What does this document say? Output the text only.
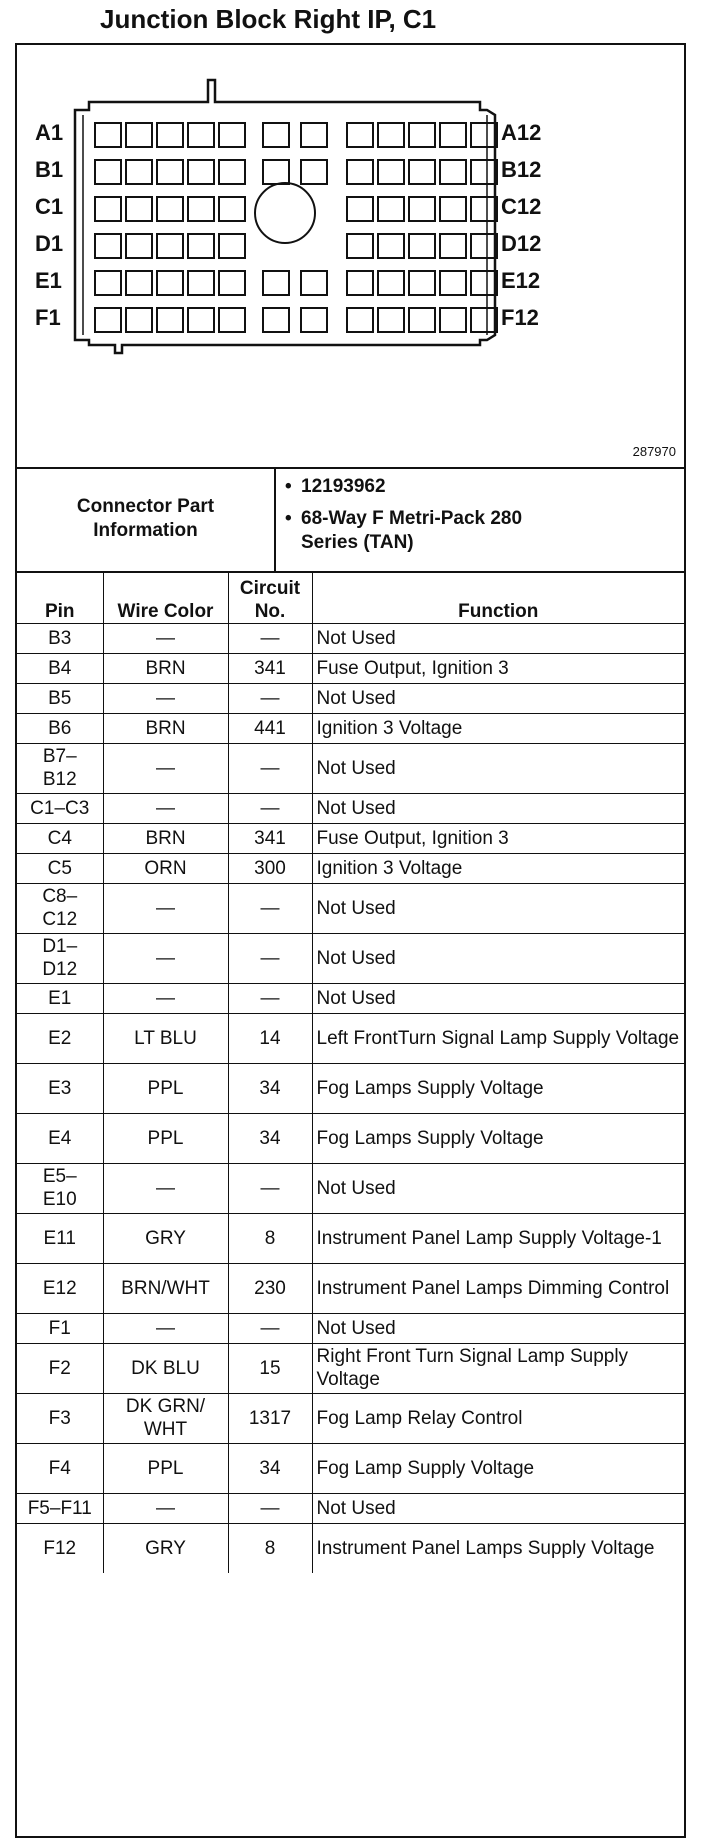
Junction Block Right IP, C1
A1
B1
C1
D1
E1
F1
A12
B12
C12
D12
E12
F12
287970
Connector Part Information
• 12193962
• 68-Way F Metri-Pack 280 Series (TAN)
Pin	Wire Color	Circuit No.	Function
B3	—	—	Not Used
B4	BRN	341	Fuse Output, Ignition 3
B5	—	—	Not Used
B6	BRN	441	Ignition 3 Voltage
B7–B12	—	—	Not Used
C1–C3	—	—	Not Used
C4	BRN	341	Fuse Output, Ignition 3
C5	ORN	300	Ignition 3 Voltage
C8–C12	—	—	Not Used
D1–D12	—	—	Not Used
E1	—	—	Not Used
E2	LT BLU	14	Left FrontTurn Signal Lamp Supply Voltage
E3	PPL	34	Fog Lamps Supply Voltage
E4	PPL	34	Fog Lamps Supply Voltage
E5–E10	—	—	Not Used
E11	GRY	8	Instrument Panel Lamp Supply Voltage-1
E12	BRN/WHT	230	Instrument Panel Lamps Dimming Control
F1	—	—	Not Used
F2	DK BLU	15	Right Front Turn Signal Lamp Supply Voltage
F3	DK GRN/ WHT	1317	Fog Lamp Relay Control
F4	PPL	34	Fog Lamp Supply Voltage
F5–F11	—	—	Not Used
F12	GRY	8	Instrument Panel Lamps Supply Voltage
